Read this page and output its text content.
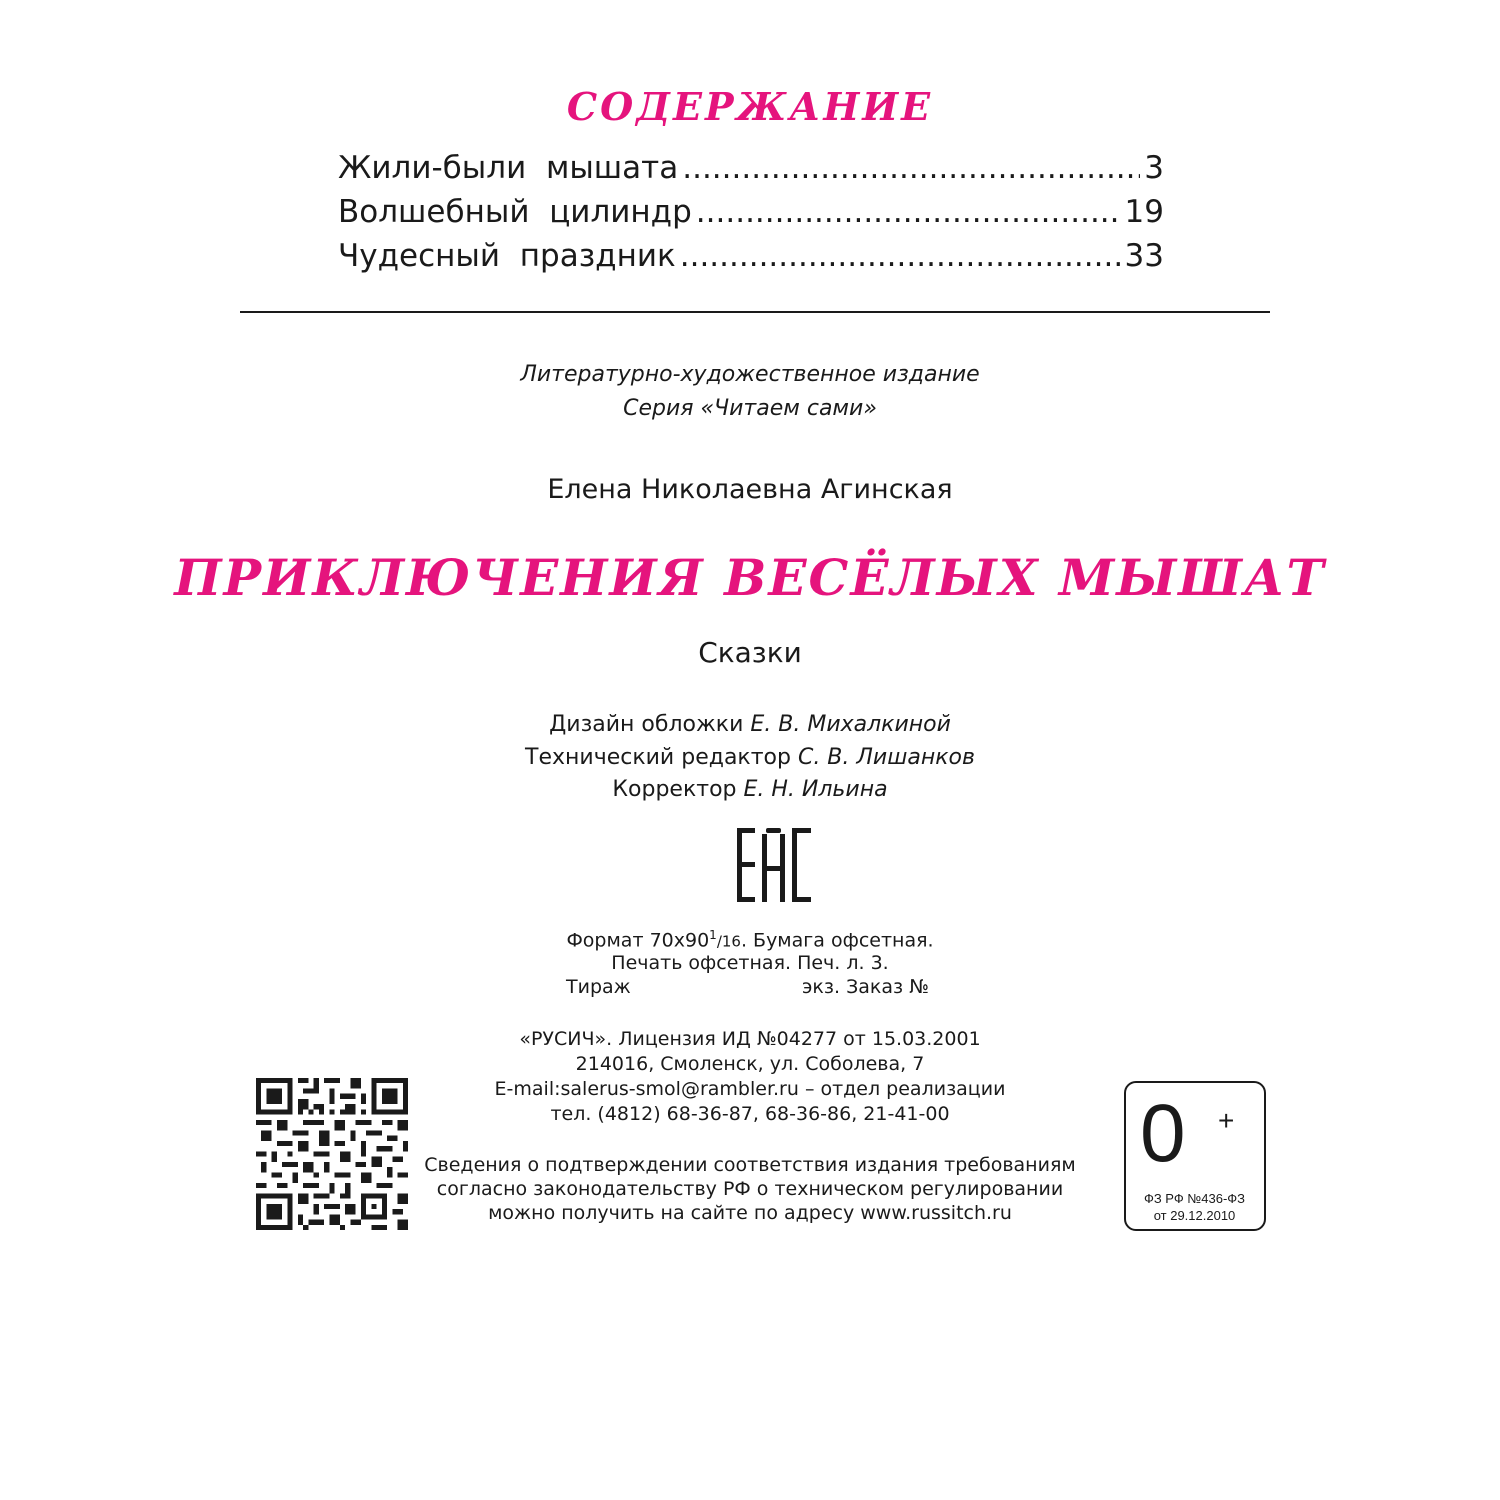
СОДЕРЖАНИЕ
Жили-были  мышата .....	3
Волшебный  цилиндр .....	19
Чудесный  праздник .....	33
Литературно-художественное издание
Серия «Читаем сами»
Елена Николаевна Агинская
ПРИКЛЮЧЕНИЯ ВЕСЁЛЫХ МЫШАТ
Сказки
Дизайн обложки Е. В. Михалкиной
Технический редактор С. В. Лишанков
Корректор Е. Н. Ильина
Формат $70х90^1/16$. Бумага офсетная.
Печать офсетная. Печ. л. 3.
Тираж	экз. Заказ №
«РУСИЧ». Лицензия ИД №04277 от 15.03.2001
214016, Смоленск, ул. Соболева, 7
E-mail:salerus-smol@rambler.ru – отдел реализации
тел. (4812) 68-36-87, 68-36-86, 21-41-00
Сведения о подтверждении соответствия издания требованиям
согласно законодательству РФ о техническом регулировании
можно получить на сайте по адресу www.russitch.ru
0 +
ФЗ РФ №436-ФЗ
от 29.12.2010
